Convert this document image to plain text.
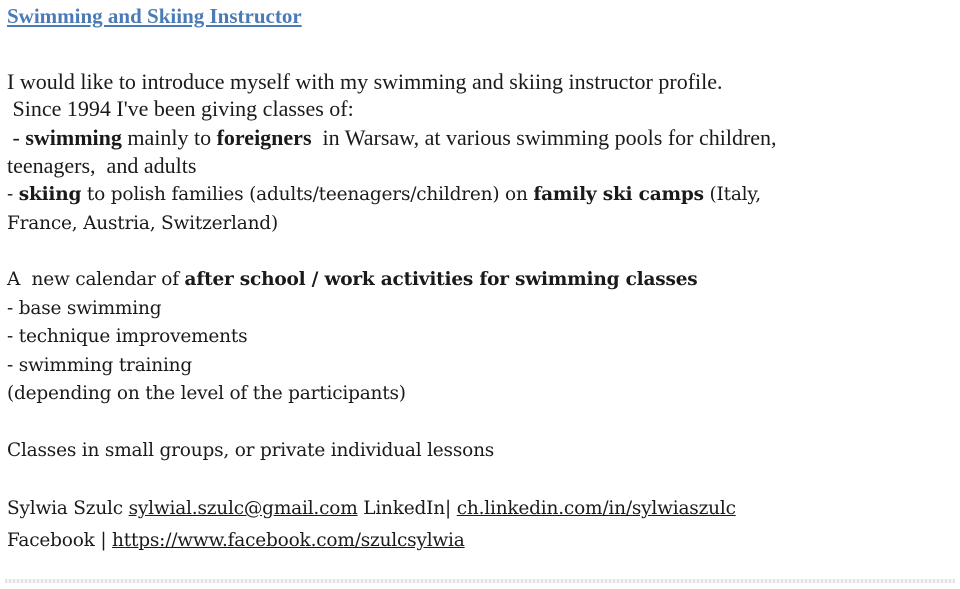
Swimming and Skiing Instructor
I would like to introduce myself with my swimming and skiing instructor profile.
Since 1994 I've been giving classes of:
- swimming mainly to foreigners  in Warsaw, at various swimming pools for children,
teenagers,  and adults
- skiing to polish families (adults/teenagers/children) on family ski camps (Italy,
France, Austria, Switzerland)
A  new calendar of after school / work activities for swimming classes
- base swimming
- technique improvements
- swimming training
(depending on the level of the participants)
Classes in small groups, or private individual lessons
Sylwia Szulc sylwial.szulc@gmail.com LinkedIn| ch.linkedin.com/in/sylwiaszulc
Facebook | https://www.facebook.com/szulcsylwia
